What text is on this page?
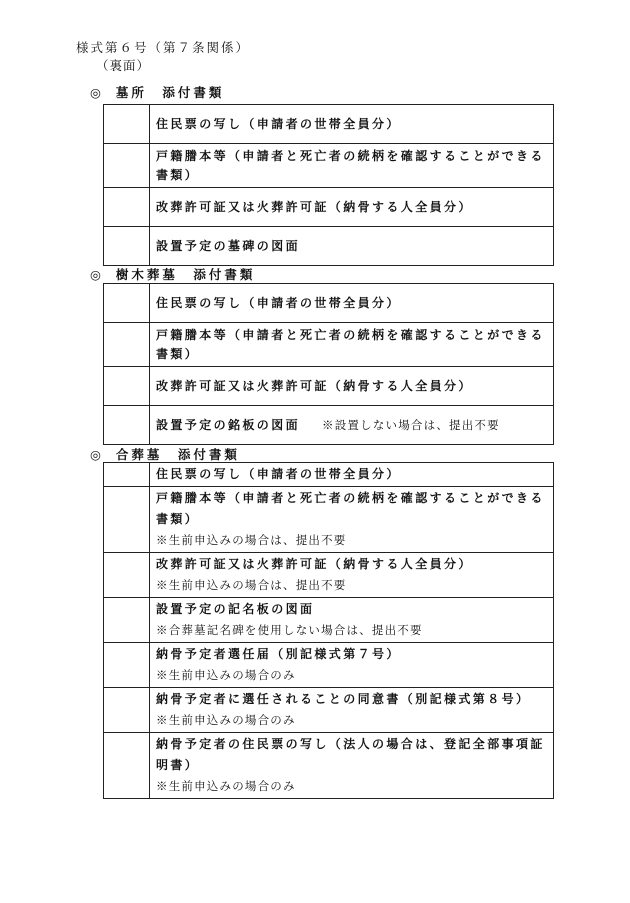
様式第６号（第７条関係）
（裏面）
◎ 墓所　添付書類
	住民票の写し（申請者の世帯全員分）
	戸籍謄本等（申請者と死亡者の続柄を確認することができる書類）
	改葬許可証又は火葬許可証（納骨する人全員分）
	設置予定の墓碑の図面
◎ 樹木葬墓　添付書類
	住民票の写し（申請者の世帯全員分）
	戸籍謄本等（申請者と死亡者の続柄を確認することができる書類）
	改葬許可証又は火葬許可証（納骨する人全員分）
	設置予定の銘板の図面 ※設置しない場合は、提出不要
◎ 合葬墓　添付書類
	住民票の写し（申請者の世帯全員分）

	戸籍謄本等（申請者と死亡者の続柄を確認することができる書類）
※生前申込みの場合は、提出不要

	改葬許可証又は火葬許可証（納骨する人全員分）
※生前申込みの場合は、提出不要

	設置予定の記名板の図面
※合葬墓記名碑を使用しない場合は、提出不要

	納骨予定者選任届（別記様式第７号）
※生前申込みの場合のみ

	納骨予定者に選任されることの同意書（別記様式第８号）
※生前申込みの場合のみ

	納骨予定者の住民票の写し（法人の場合は、登記全部事項証明書）
※生前申込みの場合のみ
